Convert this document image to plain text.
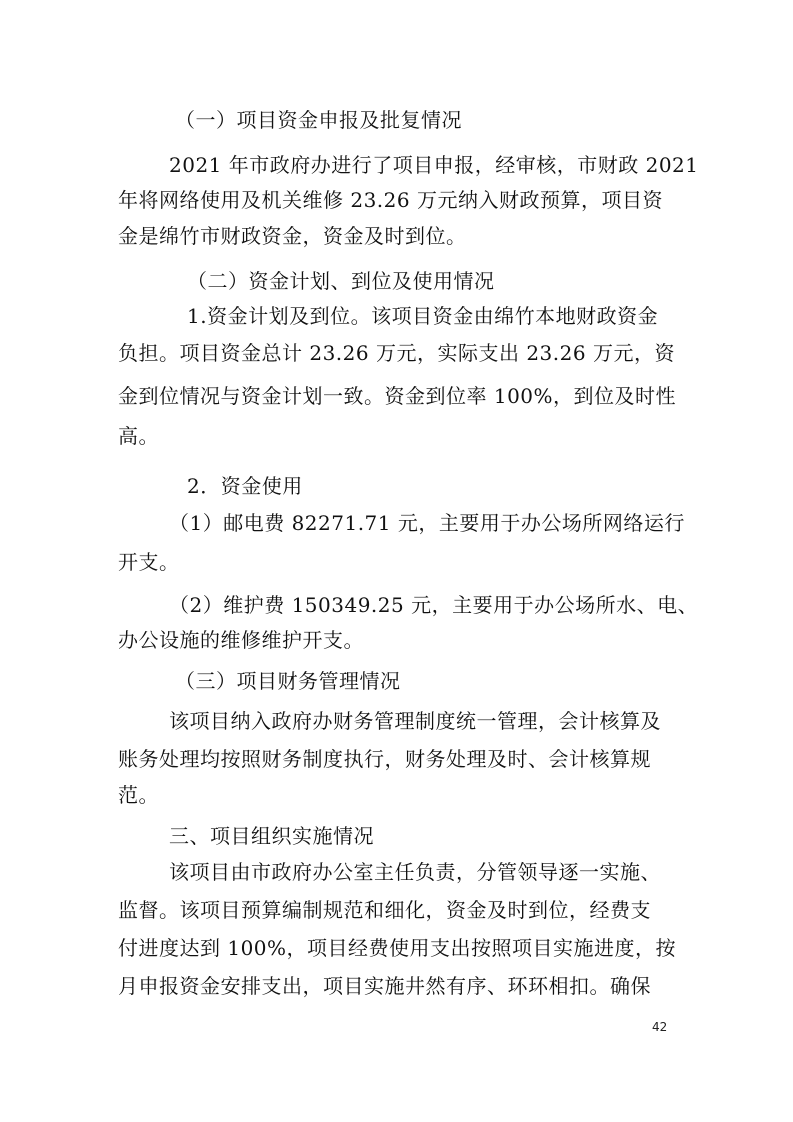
（一）项目资金申报及批复情况
2021 年市政府办进行了项目申报，经审核，市财政 2021
年将网络使用及机关维修 23.26 万元纳入财政预算，项目资
金是绵竹市财政资金，资金及时到位。
（二）资金计划、到位及使用情况
1.资金计划及到位。该项目资金由绵竹本地财政资金
负担。项目资金总计 23.26 万元，实际支出 23.26 万元，资
金到位情况与资金计划一致。资金到位率 100%，到位及时性
高。
2．资金使用
（1）邮电费 82271.71 元，主要用于办公场所网络运行
开支。
（2）维护费 150349.25 元，主要用于办公场所水、电、
办公设施的维修维护开支。
（三）项目财务管理情况
该项目纳入政府办财务管理制度统一管理，会计核算及
账务处理均按照财务制度执行，财务处理及时、会计核算规
范。
三、项目组织实施情况
该项目由市政府办公室主任负责，分管领导逐一实施、
监督。该项目预算编制规范和细化，资金及时到位，经费支
付进度达到 100%，项目经费使用支出按照项目实施进度，按
月申报资金安排支出，项目实施井然有序、环环相扣。确保
42
